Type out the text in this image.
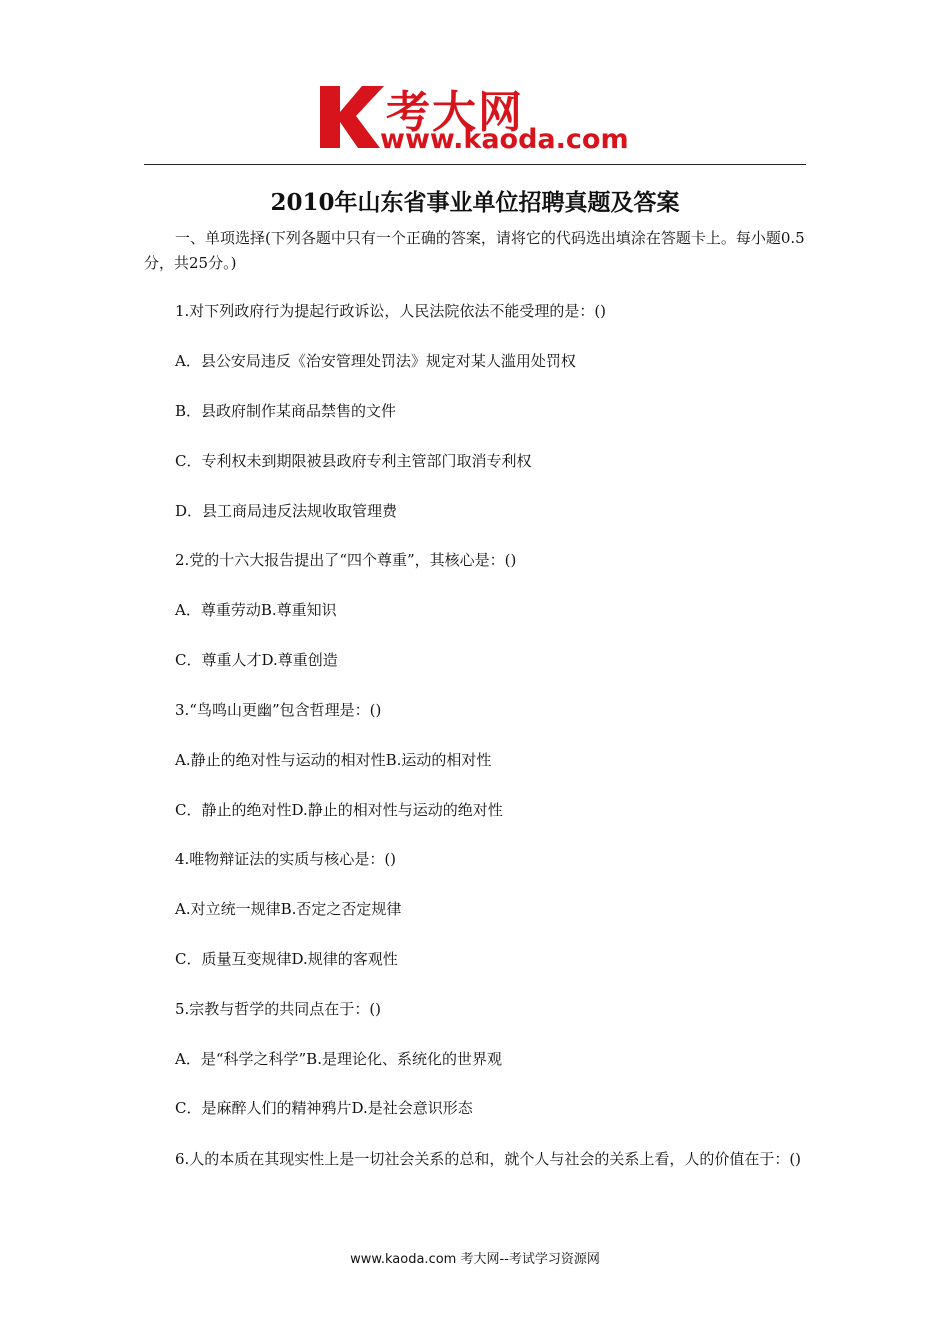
考大网
www.kaoda.com
2010年山东省事业单位招聘真题及答案
一、单项选择(下列各题中只有一个正确的答案，请将它的代码选出填涂在答题卡上。每小题0.5分，共25分。)
1.对下列政府行为提起行政诉讼，人民法院依法不能受理的是：()
A．县公安局违反《治安管理处罚法》规定对某人滥用处罚权
B．县政府制作某商品禁售的文件
C．专利权未到期限被县政府专利主管部门取消专利权
D．县工商局违反法规收取管理费
2.党的十六大报告提出了“四个尊重”，其核心是：()
A．尊重劳动B.尊重知识
C．尊重人才D.尊重创造
3.“鸟鸣山更幽”包含哲理是：()
A.静止的绝对性与运动的相对性B.运动的相对性
C．静止的绝对性D.静止的相对性与运动的绝对性
4.唯物辩证法的实质与核心是：()
A.对立统一规律B.否定之否定规律
C．质量互变规律D.规律的客观性
5.宗教与哲学的共同点在于：()
A．是“科学之科学”B.是理论化、系统化的世界观
C．是麻醉人们的精神鸦片D.是社会意识形态
6.人的本质在其现实性上是一切社会关系的总和，就个人与社会的关系上看，人的价值在于：()
www.kaoda.com 考大网--考试学习资源网
